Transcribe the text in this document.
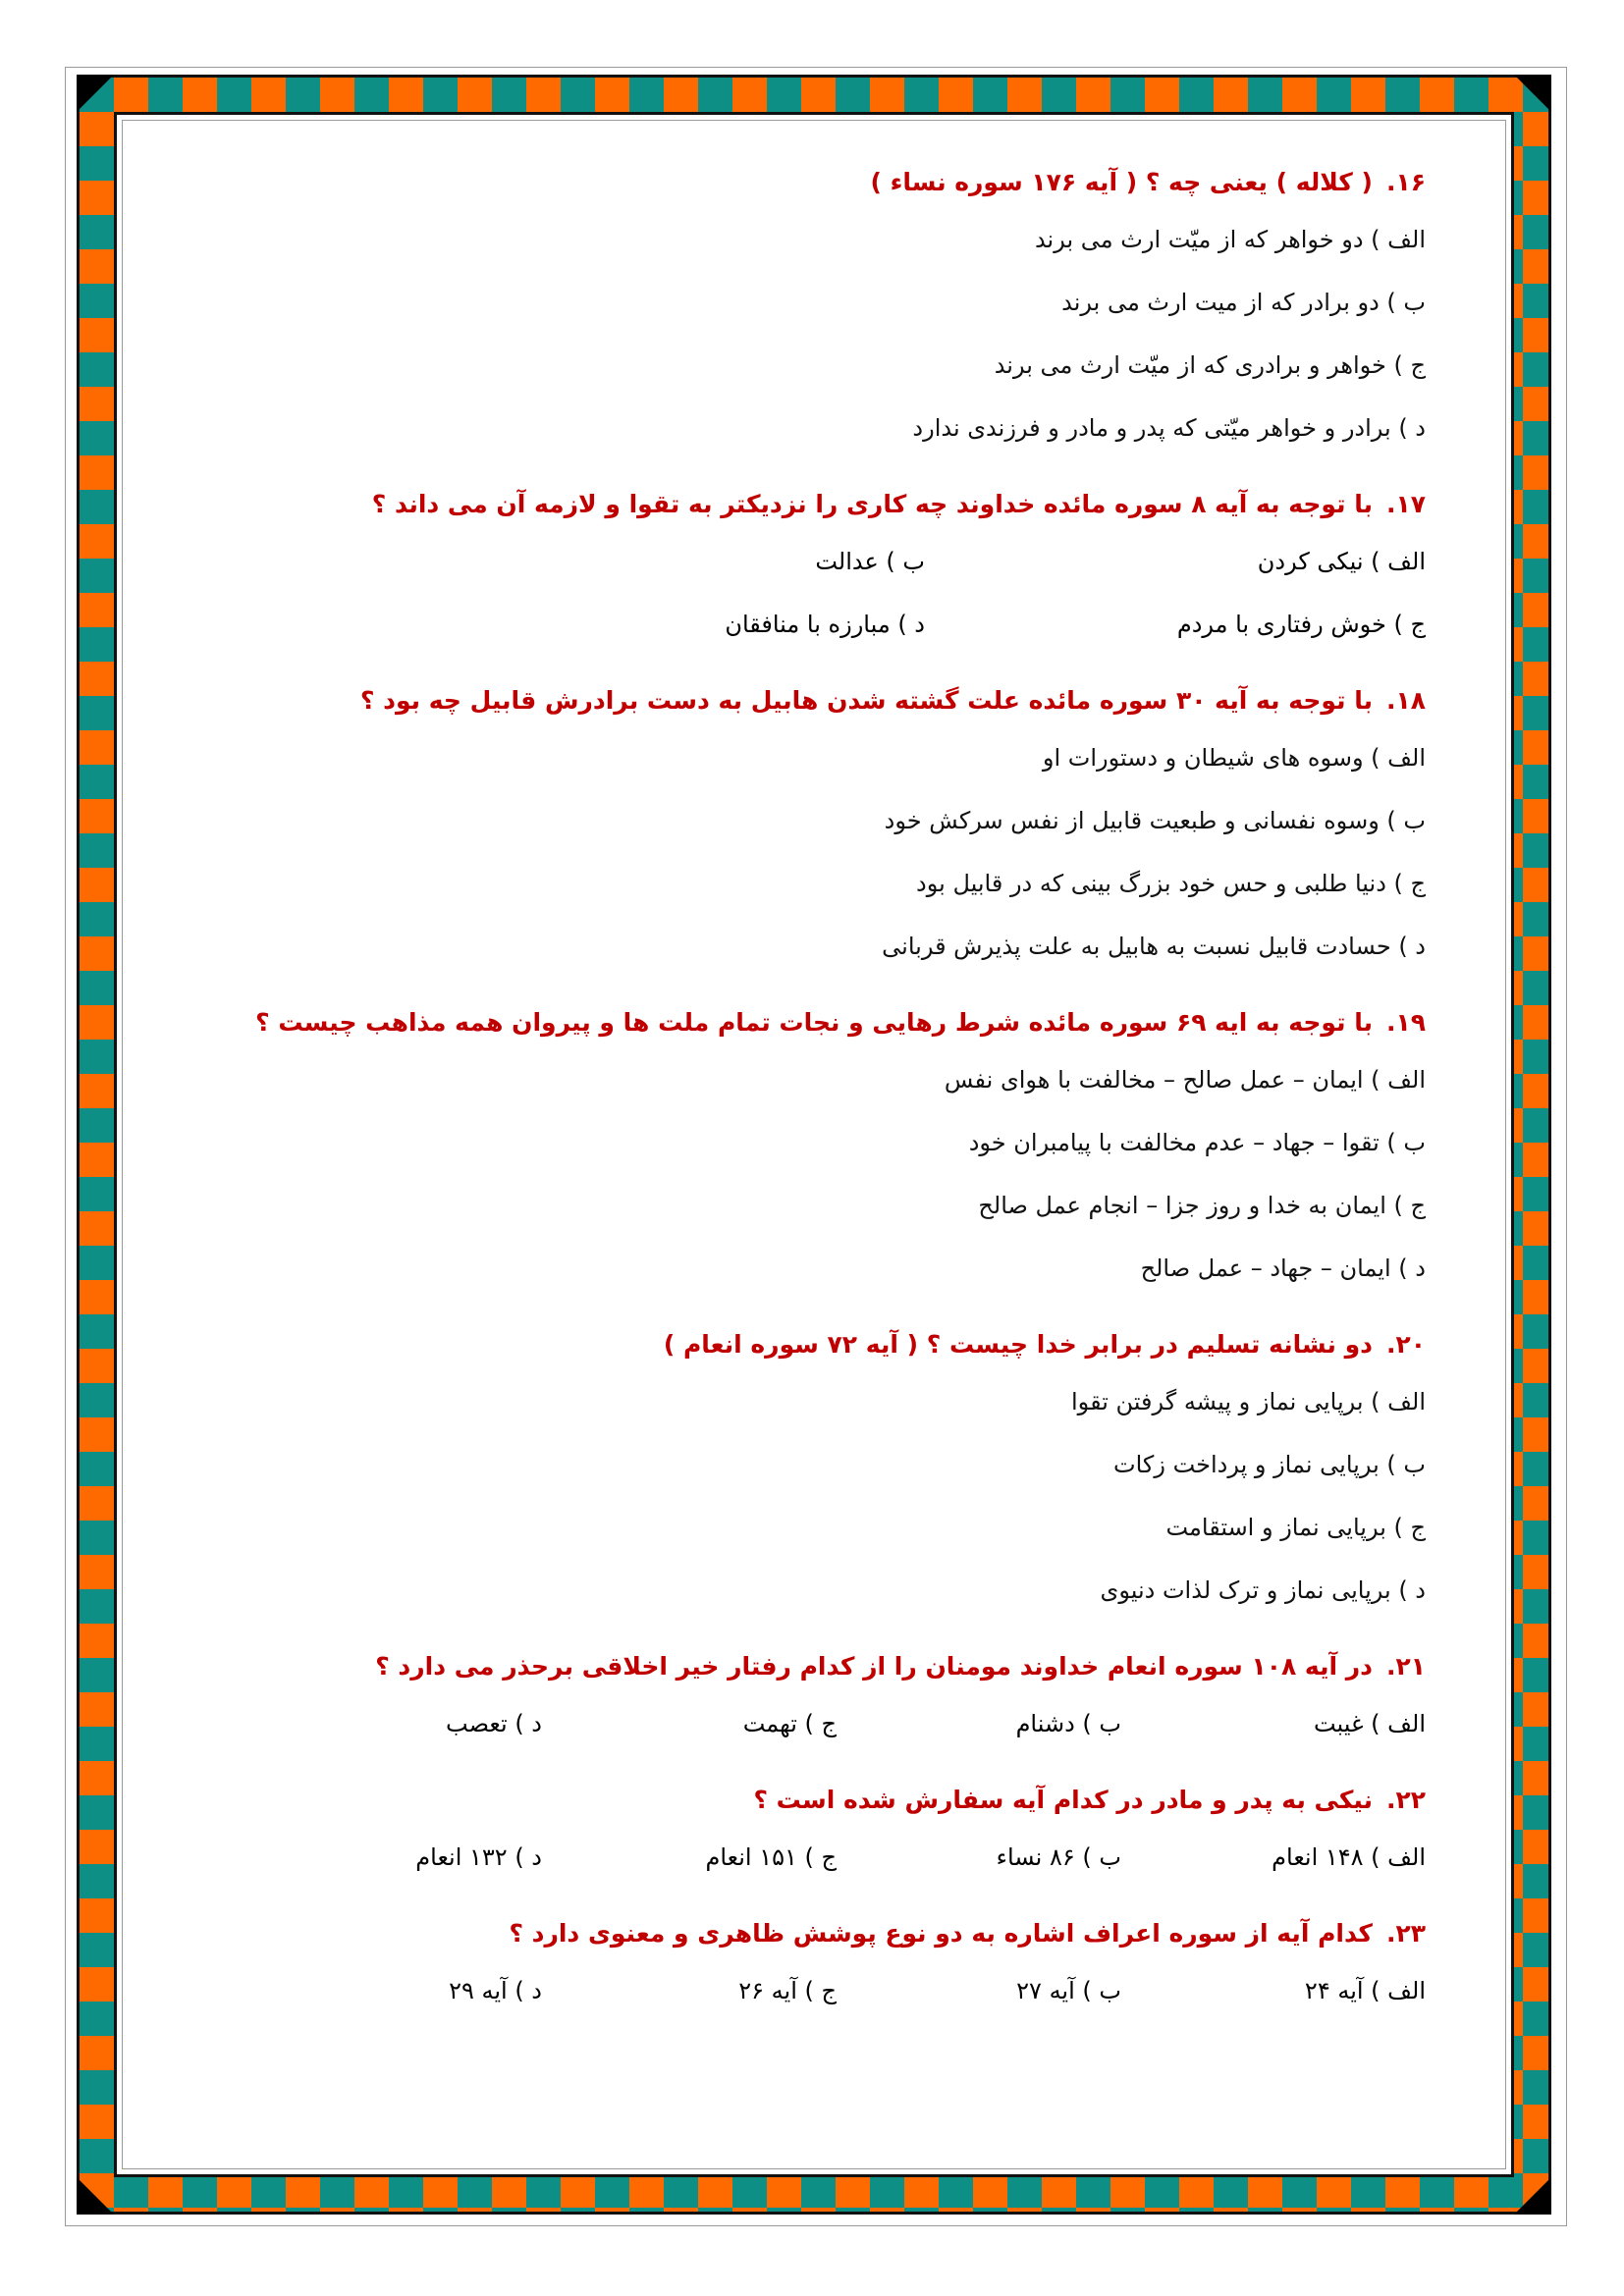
۱۶.( کلاله ) یعنی چه ؟ ( آیه ۱۷۶ سوره نساء )
الف ) دو خواهر که از میّت ارث می برند
ب ) دو برادر که از میت ارث می برند
ج ) خواهر و برادری که از میّت ارث می برند
د ) برادر و خواهر میّتی که پدر و مادر و فرزندی ندارد
۱۷.با توجه به آیه ۸ سوره مائده خداوند چه کاری را نزدیکتر به تقوا و لازمه آن می داند ؟
الف ) نیکی کردن
ب ) عدالت
ج ) خوش رفتاری با مردم
د ) مبارزه با منافقان
۱۸.با توجه به آیه ۳۰ سوره مائده علت گشته شدن هابیل به دست برادرش قابیل چه بود ؟
الف ) وسوه های شیطان و دستورات او
ب ) وسوه نفسانی و طبعیت قابیل از نفس سرکش خود
ج ) دنیا طلبی و حس خود بزرگ بینی که در قابیل بود
د ) حسادت قابیل نسبت به هابیل به علت پذیرش قربانی
۱۹.با توجه به ایه ۶۹ سوره مائده شرط رهایی و نجات تمام ملت ها و پیروان همه مذاهب چیست ؟
الف ) ایمان – عمل صالح – مخالفت با هوای نفس
ب ) تقوا – جهاد – عدم مخالفت با پیامبران خود
ج ) ایمان به خدا و روز جزا – انجام عمل صالح
د ) ایمان – جهاد – عمل صالح
۲۰.دو نشانه تسلیم در برابر خدا چیست ؟ ( آیه ۷۲ سوره انعام )
الف ) برپایی نماز و پیشه گرفتن تقوا
ب ) برپایی نماز و پرداخت زکات
ج ) برپایی نماز و استقامت
د ) برپایی نماز و ترک لذات دنیوی
۲۱.در آیه ۱۰۸ سوره انعام خداوند مومنان را از کدام رفتار خیر اخلاقی برحذر می دارد ؟
الف ) غیبت
ب ) دشنام
ج ) تهمت
د ) تعصب
۲۲.نیکی به پدر و مادر در کدام آیه سفارش شده است ؟
الف ) ۱۴۸ انعام
ب ) ۸۶ نساء
ج ) ۱۵۱ انعام
د ) ۱۳۲ انعام
۲۳.کدام آیه از سوره اعراف اشاره به دو نوع پوشش ظاهری و معنوی دارد ؟
الف ) آیه ۲۴
ب ) آیه ۲۷
ج ) آیه ۲۶
د ) آیه ۲۹
